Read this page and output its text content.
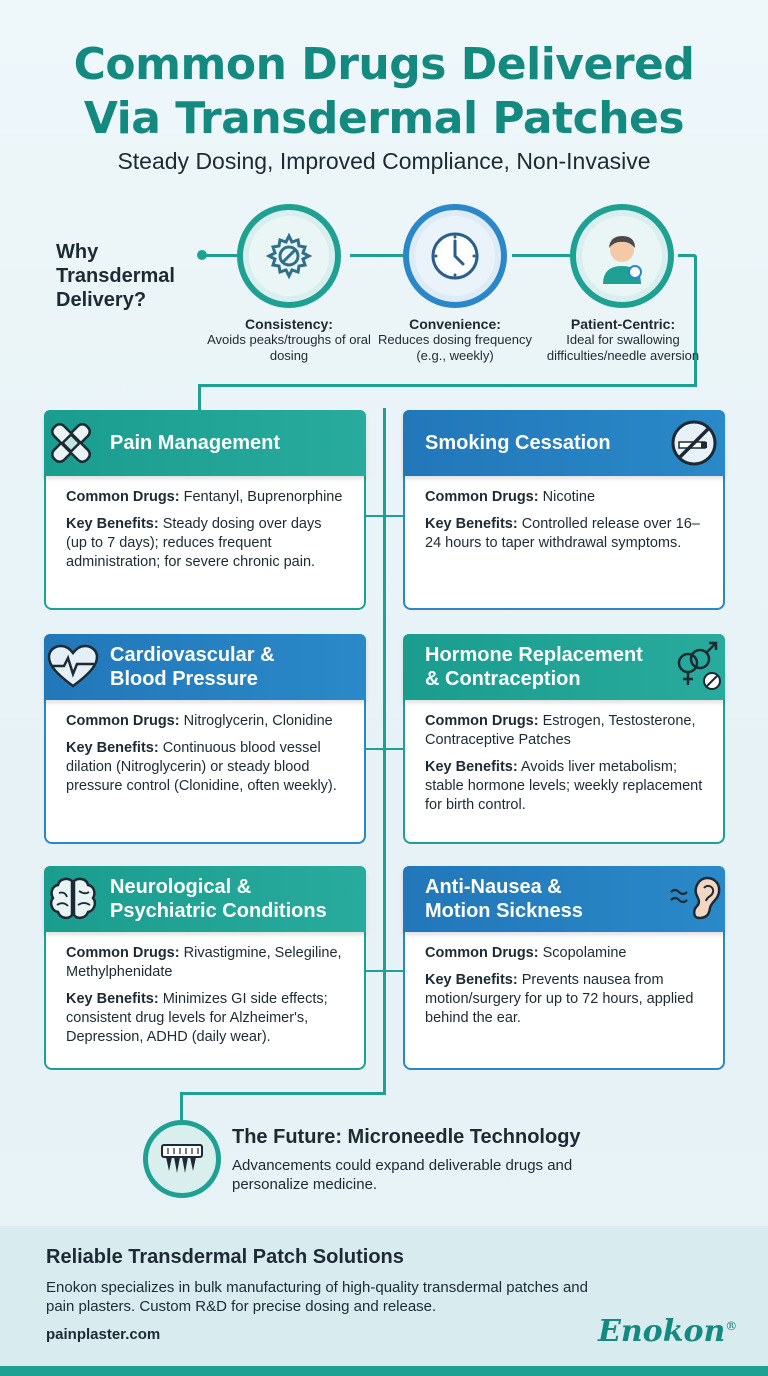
Common Drugs Delivered
Via Transdermal Patches
Steady Dosing, Improved Compliance, Non-Invasive
Why
Transdermal
Delivery?
Consistency:
Avoids peaks/troughs of oral dosing
Convenience:
Reduces dosing frequency (e.g., weekly)
Patient-Centric:
Ideal for swallowing difficulties/needle aversion
Pain Management

Common Drugs: Fentanyl, Buprenorphine

Key Benefits: Steady dosing over days (up to 7 days); reduces frequent administration; for severe chronic pain.

Smoking Cessation

Common Drugs: Nicotine

Key Benefits: Controlled release over 16–24 hours to taper withdrawal symptoms.

Cardiovascular &
Blood Pressure

Common Drugs: Nitroglycerin, Clonidine

Key Benefits: Continuous blood vessel dilation (Nitroglycerin) or steady blood pressure control (Clonidine, often weekly).

Hormone Replacement
& Contraception

Common Drugs: Estrogen, Testosterone, Contraceptive Patches

Key Benefits: Avoids liver metabolism; stable hormone levels; weekly replacement for birth control.

Neurological &
Psychiatric Conditions

Common Drugs: Rivastigmine, Selegiline, Methylphenidate

Key Benefits: Minimizes GI side effects; consistent drug levels for Alzheimer's, Depression, ADHD (daily wear).

Anti-Nausea &
Motion Sickness

Common Drugs: Scopolamine

Key Benefits: Prevents nausea from motion/surgery for up to 72 hours, applied behind the ear.

The Future: Microneedle Technology
Advancements could expand deliverable drugs and personalize medicine.
Reliable Transdermal Patch Solutions
Enokon specializes in bulk manufacturing of high-quality transdermal patches and pain plasters. Custom R&D for precise dosing and release.
painplaster.com	Enokon®
